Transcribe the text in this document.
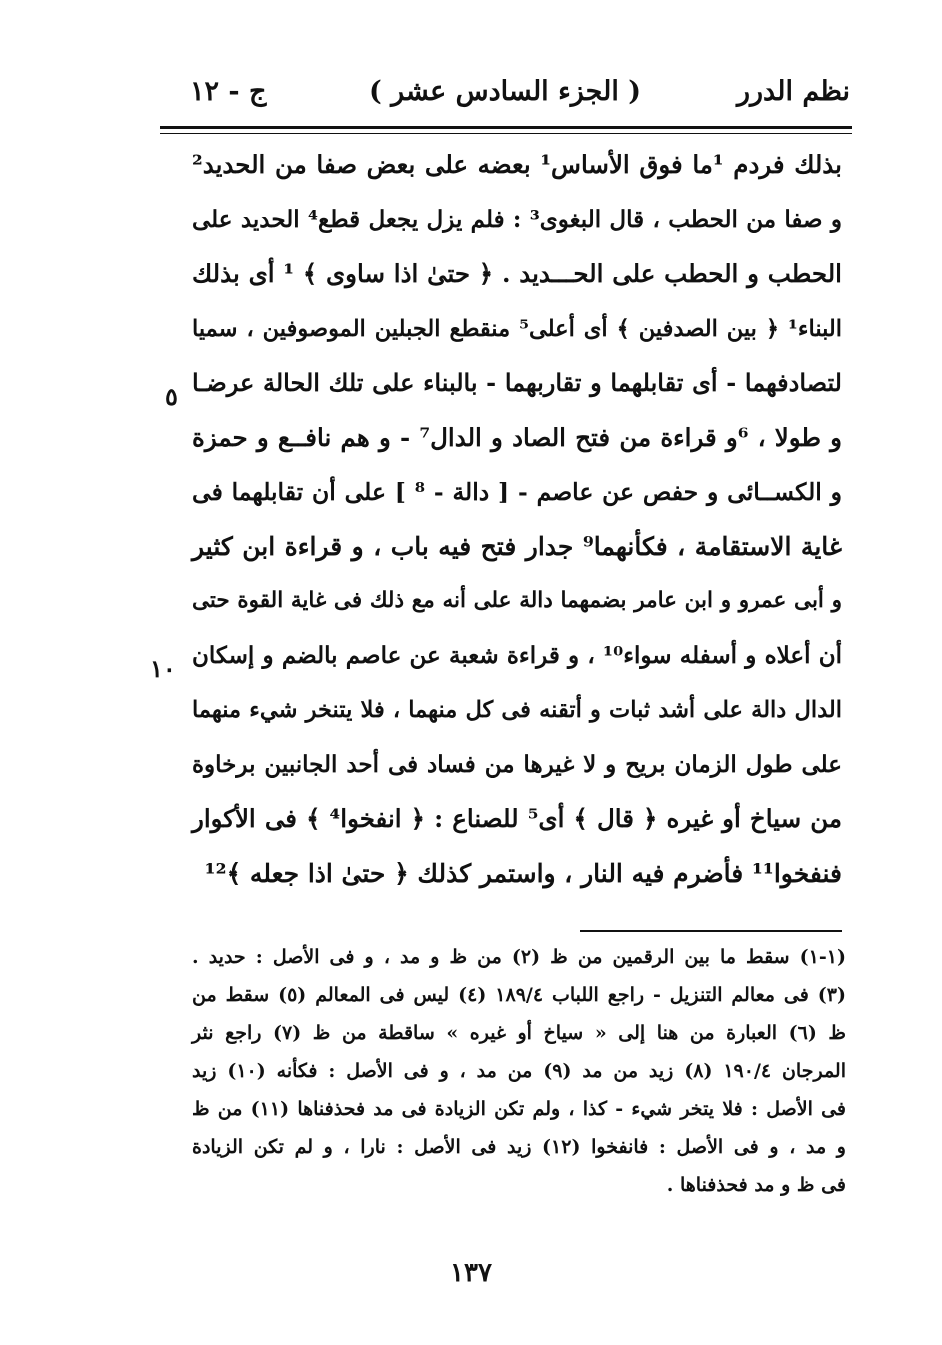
نظم الدرر
( الجزء السادس عشر )
ج - ١٢
بذلك فردم ¹ما فوق الأساس¹ بعضه على بعض صفا من الحديد²
و صفا من الحطب ، قال البغوى³ : فلم يزل يجعل قطع⁴ الحديد على
الحطب و الحطب على الحـــديد . ﴿ حتىٰ اذا ساوى ﴾ ¹ أى بذلك
البناء¹ ﴿ بين الصدفين ﴾ أى أعلى⁵ منقطع الجبلين الموصوفين ، سميا
لتصادفهما - أى تقابلهما و تقاربهما - بالبناء على تلك الحالة عرضـا
و طولا ، ⁶و قراءة من فتح الصاد و الدال⁷ - و هم نافــع و حمزة
و الكســائى و حفص عن عاصم - [ دالة - ⁸ ] على أن تقابلهما فى
غاية الاستقامة ، فكأنهما⁹ جدار فتح فيه باب ، و قراءة ابن كثير
و أبى عمرو و ابن عامر بضمهما دالة على أنه مع ذلك فى غاية القوة حتى
أن أعلاه و أسفله سواء¹⁰ ، و قراءة شعبة عن عاصم بالضم و إسكان
الدال دالة على أشد ثبات و أتقنه فى كل منهما ، فلا يتنخر شيء منهما
على طول الزمان بريح و لا غيرها من فساد فى أحد الجانبين برخاوة
من سياخ أو غيره ﴿ قال ﴾ أى⁵ للصناع : ﴿ انفخوا⁴ ﴾ فى الأكوار
فنفخوا¹¹ فأضرم فيه النار ، واستمر كذلك ﴿ حتىٰ اذا جعله ﴾¹²
٥
١٠
(١-١) سقط ما بين الرقمين من ظ (٢) من ظ و مد ، و فى الأصل : حديد .
(٣) فى معالم التنزيل - راجع اللباب ١٨٩/٤ (٤) ليس فى المعالم (٥) سقط من
ظ (٦) العبارة من هنا إلى « سياخ أو غيره » ساقطة من ظ (٧) راجع نثر
المرجان ١٩٠/٤ (٨) زيد من مد (٩) من مد ، و فى الأصل : فكأنه (١٠) زيد
فى الأصل : فلا يتخر شيء - كذا ، ولم تكن الزيادة فى مد فحذفناها (١١) من ظ
و مد ، و فى الأصل : فانفخوا (١٢) زيد فى الأصل : نارا ، و لم تكن الزيادة
فى ظ و مد فحذفناها .
١٣٧
